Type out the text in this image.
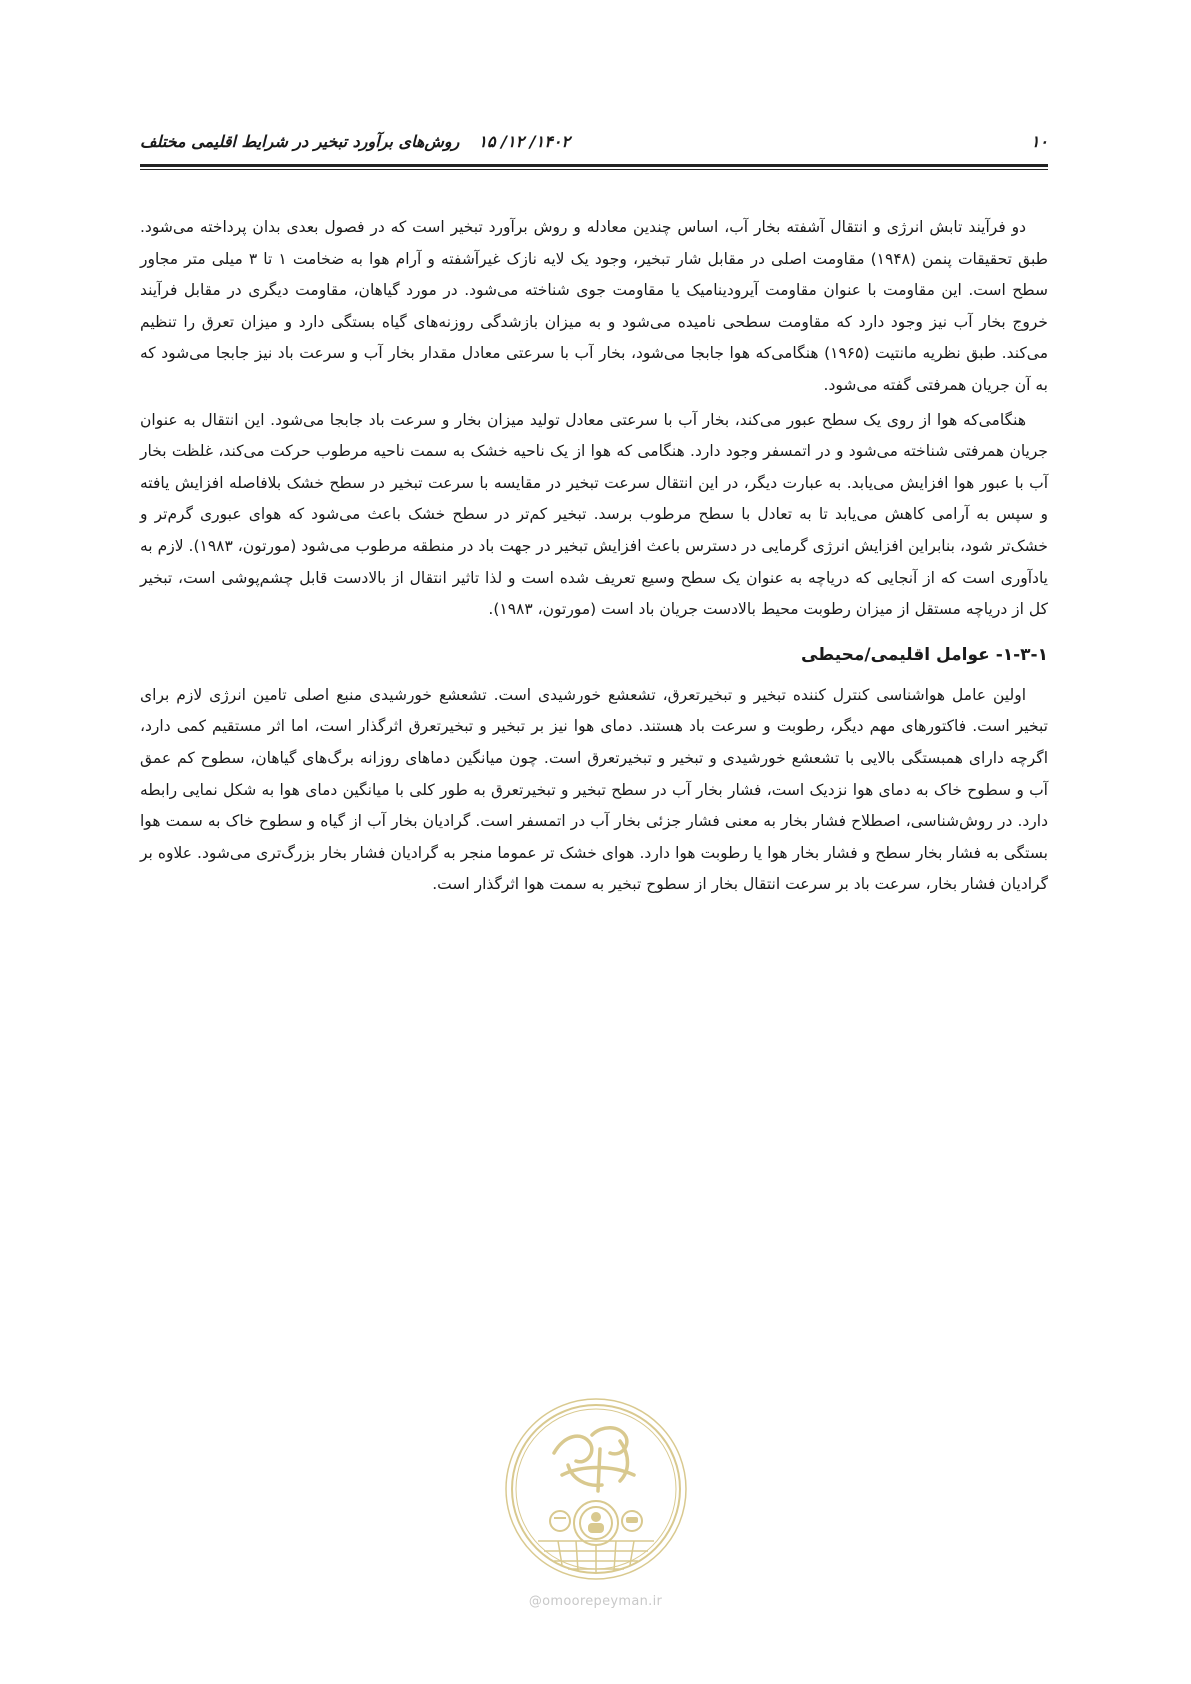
۱۰
۱۴۰۲/ ۱۲/ ۱۵
روش‌های برآورد تبخیر در شرایط اقلیمی مختلف

دو فرآیند تابش انرژی و انتقال آشفته بخار آب، اساس چندین معادله و روش برآورد تبخیر است که در فصول بعدی بدان پرداخته می‌شود. طبق تحقیقات پنمن (۱۹۴۸) مقاومت اصلی در مقابل شار تبخیر، وجود یک لایه نازک غیرآشفته و آرام هوا به ضخامت ۱ تا ۳ میلی متر مجاور سطح است. این مقاومت با عنوان مقاومت آیرودینامیک یا مقاومت جوی شناخته می‌شود. در مورد گیاهان، مقاومت دیگری در مقابل فرآیند خروج بخار آب نیز وجود دارد که مقاومت سطحی نامیده می‌شود و به میزان بازشدگی روزنه‌های گیاه بستگی دارد و میزان تعرق را تنظیم می‌کند. طبق نظریه مانتیت (۱۹۶۵) هنگامی‌که هوا جابجا می‌شود، بخار آب با سرعتی معادل مقدار بخار آب و سرعت باد نیز جابجا می‌شود که به آن جریان همرفتی گفته می‌شود.

هنگامی‌که هوا از روی یک سطح عبور می‌کند، بخار آب با سرعتی معادل تولید میزان بخار و سرعت باد جابجا می‌شود. این انتقال به عنوان جریان همرفتی شناخته می‌شود و در اتمسفر وجود دارد. هنگامی که هوا از یک ناحیه خشک به سمت ناحیه مرطوب حرکت می‌کند، غلظت بخار آب با عبور هوا افزایش می‌یابد. به عبارت دیگر، در این انتقال سرعت تبخیر در مقایسه با سرعت تبخیر در سطح خشک بلافاصله افزایش یافته و سپس به آرامی کاهش می‌یابد تا به تعادل با سطح مرطوب برسد. تبخیر کم‌تر در سطح خشک باعث می‌شود که هوای عبوری گرم‌تر و خشک‌تر شود، بنابراین افزایش انرژی گرمایی در دسترس باعث افزایش تبخیر در جهت باد در منطقه مرطوب می‌شود (مورتون، ۱۹۸۳). لازم به یادآوری است که از آنجایی که دریاچه به عنوان یک سطح وسیع تعریف شده است و لذا تاثیر انتقال از بالادست قابل چشم‌پوشی است، تبخیر کل از دریاچه مستقل از میزان رطوبت محیط بالادست جریان باد است (مورتون، ۱۹۸۳).

۱-۳-۱- عوامل اقلیمی/محیطی

اولین عامل هواشناسی کنترل کننده تبخیر و تبخیرتعرق، تشعشع خورشیدی است. تشعشع خورشیدی منبع اصلی تامین انرژی لازم برای تبخیر است. فاکتورهای مهم دیگر، رطوبت و سرعت باد هستند. دمای هوا نیز بر تبخیر و تبخیرتعرق اثرگذار است، اما اثر مستقیم کمی دارد، اگرچه دارای همبستگی بالایی با تشعشع خورشیدی و تبخیر و تبخیرتعرق است. چون میانگین دماهای روزانه برگ‌های گیاهان، سطوح کم عمق آب و سطوح خاک به دمای هوا نزدیک است، فشار بخار آب در سطح تبخیر و تبخیرتعرق به طور کلی با میانگین دمای هوا به شکل نمایی رابطه دارد. در روش‌شناسی، اصطلاح فشار بخار به معنی فشار جزئی بخار آب در اتمسفر است. گرادیان بخار آب از گیاه و سطوح خاک به سمت هوا بستگی به فشار بخار سطح و فشار بخار هوا یا رطوبت هوا دارد. هوای خشک تر عموما منجر به گرادیان فشار بخار بزرگ‌تری می‌شود. علاوه بر گرادیان فشار بخار، سرعت باد بر سرعت انتقال بخار از سطوح تبخیر به سمت هوا اثرگذار است.

@omoorepeyman.ir
